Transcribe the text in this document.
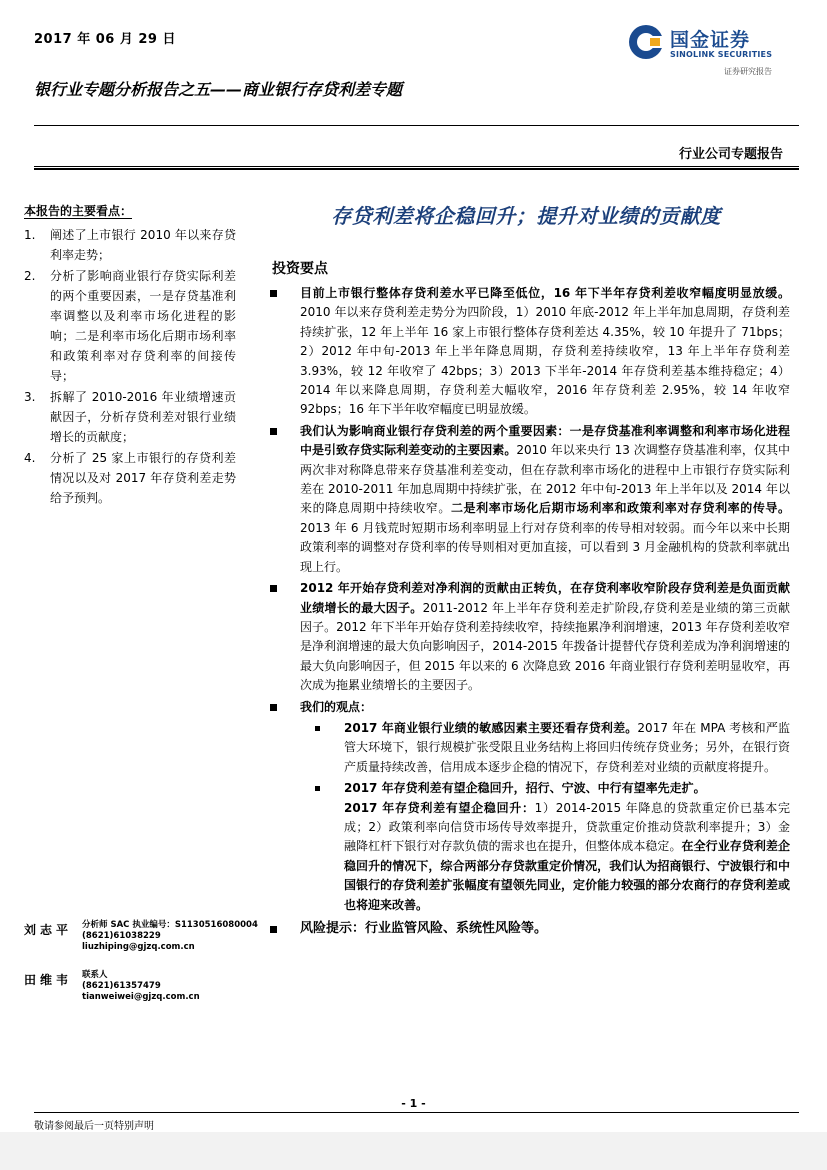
2017 年 06 月 29 日	国金证券
SINOLINK SECURITIES
证券研究报告
银行业专题分析报告之五——商业银行存贷利差专题
行业公司专题报告
本报告的主要看点：
1. 阐述了上市银行 2010 年以来存贷利率走势；
2. 分析了影响商业银行存贷实际利差的两个重要因素，一是存贷基准利率调整以及利率市场化进程的影响；二是利率市场化后期市场利率和政策利率对存贷利率的间接传导；
3. 拆解了 2010-2016 年业绩增速贡献因子，分析存贷利差对银行业绩增长的贡献度；
4. 分析了 25 家上市银行的存贷利差情况以及对 2017 年存贷利差走势给予预判。
刘志平 分析师 SAC 执业编号：S1130516080004
(8621)61038229
liuzhiping@gjzq.com.cn
田维韦 联系人
(8621)61357479
tianweiwei@gjzq.com.cn
存贷利差将企稳回升；提升对业绩的贡献度
投资要点
目前上市银行整体存贷利差水平已降至低位，16 年下半年存贷利差收窄幅度明显放缓。2010 年以来存贷利差走势分为四阶段，1）2010 年底-2012 年上半年加息周期，存贷利差持续扩张，12 年上半年 16 家上市银行整体存贷利差达 4.35%，较 10 年提升了 71bps；2）2012 年中旬-2013 年上半年降息周期，存贷利差持续收窄，13 年上半年存贷利差 3.93%，较 12 年收窄了 42bps；3）2013 下半年-2014 年存贷利差基本维持稳定；4）2014 年以来降息周期，存贷利差大幅收窄，2016 年存贷利差 2.95%，较 14 年收窄 92bps；16 年下半年收窄幅度已明显放缓。
我们认为影响商业银行存贷利差的两个重要因素：一是存贷基准利率调整和利率市场化进程中是引致存贷实际利差变动的主要因素。2010 年以来央行 13 次调整存贷基准利率，仅其中两次非对称降息带来存贷基准利差变动，但在存款利率市场化的进程中上市银行存贷实际利差在 2010-2011 年加息周期中持续扩张，在 2012 年中旬-2013 年上半年以及 2014 年以来的降息周期中持续收窄。二是利率市场化后期市场利率和政策利率对存贷利率的传导。2013 年 6 月钱荒时短期市场利率明显上行对存贷利率的传导相对较弱。而今年以来中长期政策利率的调整对存贷利率的传导则相对更加直接，可以看到 3 月金融机构的贷款利率就出现上行。
2012 年开始存贷利差对净利润的贡献由正转负，在存贷利率收窄阶段存贷利差是负面贡献业绩增长的最大因子。2011-2012 年上半年存贷利差走扩阶段,存贷利差是业绩的第三贡献因子。2012 年下半年开始存贷利差持续收窄，持续拖累净利润增速，2013 年存贷利差收窄是净利润增速的最大负向影响因子，2014-2015 年拨备计提替代存贷利差成为净利润增速的最大负向影响因子，但 2015 年以来的 6 次降息致 2016 年商业银行存贷利差明显收窄，再次成为拖累业绩增长的主要因子。
我们的观点：
2017 年商业银行业绩的敏感因素主要还看存贷利差。2017 年在 MPA 考核和严监管大环境下，银行规模扩张受限且业务结构上将回归传统存贷业务；另外，在银行资产质量持续改善，信用成本逐步企稳的情况下，存贷利差对业绩的贡献度将提升。
2017 年存贷利差有望企稳回升，招行、宁波、中行有望率先走扩。
2017 年存贷利差有望企稳回升：1）2014-2015 年降息的贷款重定价已基本完成；2）政策利率向信贷市场传导效率提升，贷款重定价推动贷款利率提升；3）金融降杠杆下银行对存款负债的需求也在提升，但整体成本稳定。在全行业存贷利差企稳回升的情况下，综合两部分存贷款重定价情况，我们认为招商银行、宁波银行和中国银行的存贷利差扩张幅度有望领先同业，定价能力较强的部分农商行的存贷利差或也将迎来改善。
风险提示：行业监管风险、系统性风险等。
- 1 -
敬请参阅最后一页特别声明
